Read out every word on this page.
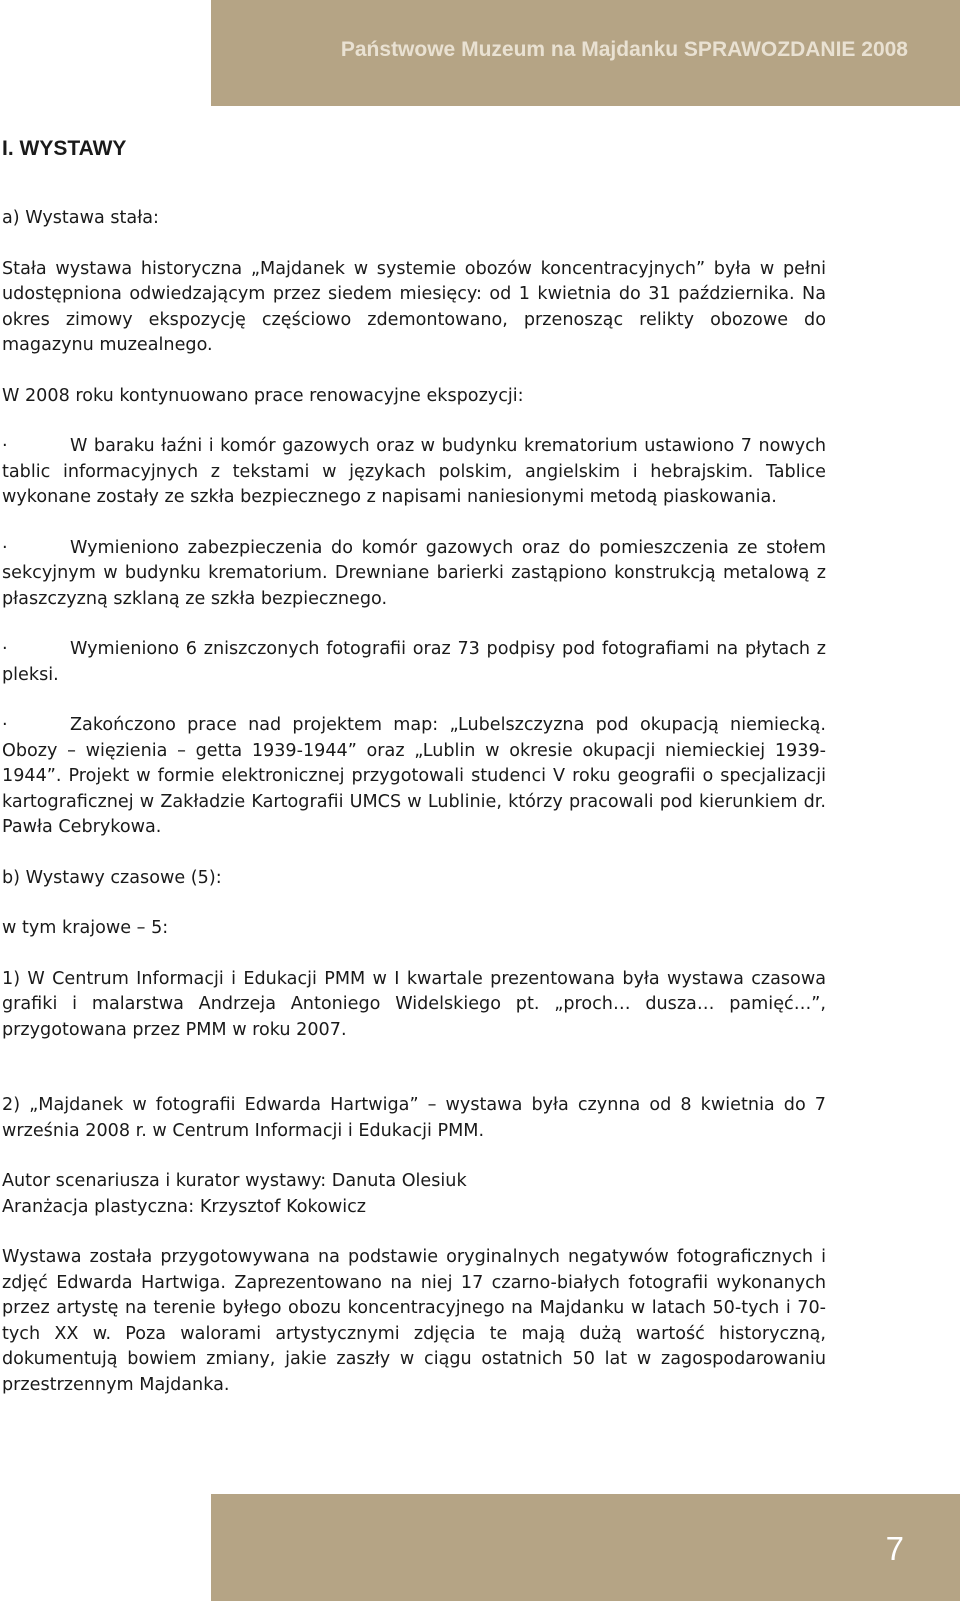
Państwowe Muzeum na Majdanku SPRAWOZDANIE 2008
I. WYSTAWY

a) Wystawa stała:

Stała wystawa historyczna „Majdanek w systemie obozów koncentracyjnych” była w pełni udostępniona odwiedzającym przez siedem miesięcy: od 1 kwietnia do 31 października. Na okres zimowy ekspozycję częściowo zdemontowano, przenosząc relikty obozowe do magazynu muzealnego.

W 2008 roku kontynuowano prace renowacyjne ekspozycji:

·	W baraku łaźni i komór gazowych oraz w budynku krematorium ustawiono 7 nowych tablic informacyjnych z tekstami w językach polskim, angielskim i hebrajskim. Tablice wykonane zostały ze szkła bezpiecznego z napisami naniesionymi metodą piaskowania.

·	Wymieniono zabezpieczenia do komór gazowych oraz do pomieszczenia ze stołem sekcyjnym w budynku krematorium. Drewniane barierki zastąpiono konstrukcją metalową z płaszczyzną szklaną ze szkła bezpiecznego.

·	Wymieniono 6 zniszczonych fotografii oraz 73 podpisy pod fotografiami na płytach z pleksi.

·	Zakończono prace nad projektem map: „Lubelszczyzna pod okupacją niemiecką. Obozy – więzienia – getta 1939-1944” oraz „Lublin w okresie okupacji niemieckiej 1939-1944”. Projekt w formie elektronicznej przygotowali studenci V roku geografii o specjalizacji kartograficznej w Zakładzie Kartografii UMCS w Lublinie, którzy pracowali pod kierunkiem dr. Pawła Cebrykowa.

b) Wystawy czasowe (5):

w tym krajowe – 5:

1) W Centrum Informacji i Edukacji PMM w I kwartale prezentowana była wystawa czasowa grafiki i malarstwa Andrzeja Antoniego Widelskiego pt. „proch… dusza… pamięć…”, przygotowana przez PMM w roku 2007.

2) „Majdanek w fotografii Edwarda Hartwiga” – wystawa była czynna od 8 kwietnia do 7 września 2008 r. w Centrum Informacji i Edukacji PMM.

Autor scenariusza i kurator wystawy: Danuta Olesiuk
Aranżacja plastyczna: Krzysztof Kokowicz

Wystawa została przygotowywana na podstawie oryginalnych negatywów fotograficznych i zdjęć Edwarda Hartwiga. Zaprezentowano na niej 17 czarno-białych fotografii wykonanych przez artystę na terenie byłego obozu koncentracyjnego na Majdanku w latach 50-tych i 70-tych XX w. Poza walorami artystycznymi zdjęcia te mają dużą wartość historyczną, dokumentują bowiem zmiany, jakie zaszły w ciągu ostatnich 50 lat w zagospodarowaniu przestrzennym Majdanka.

7
